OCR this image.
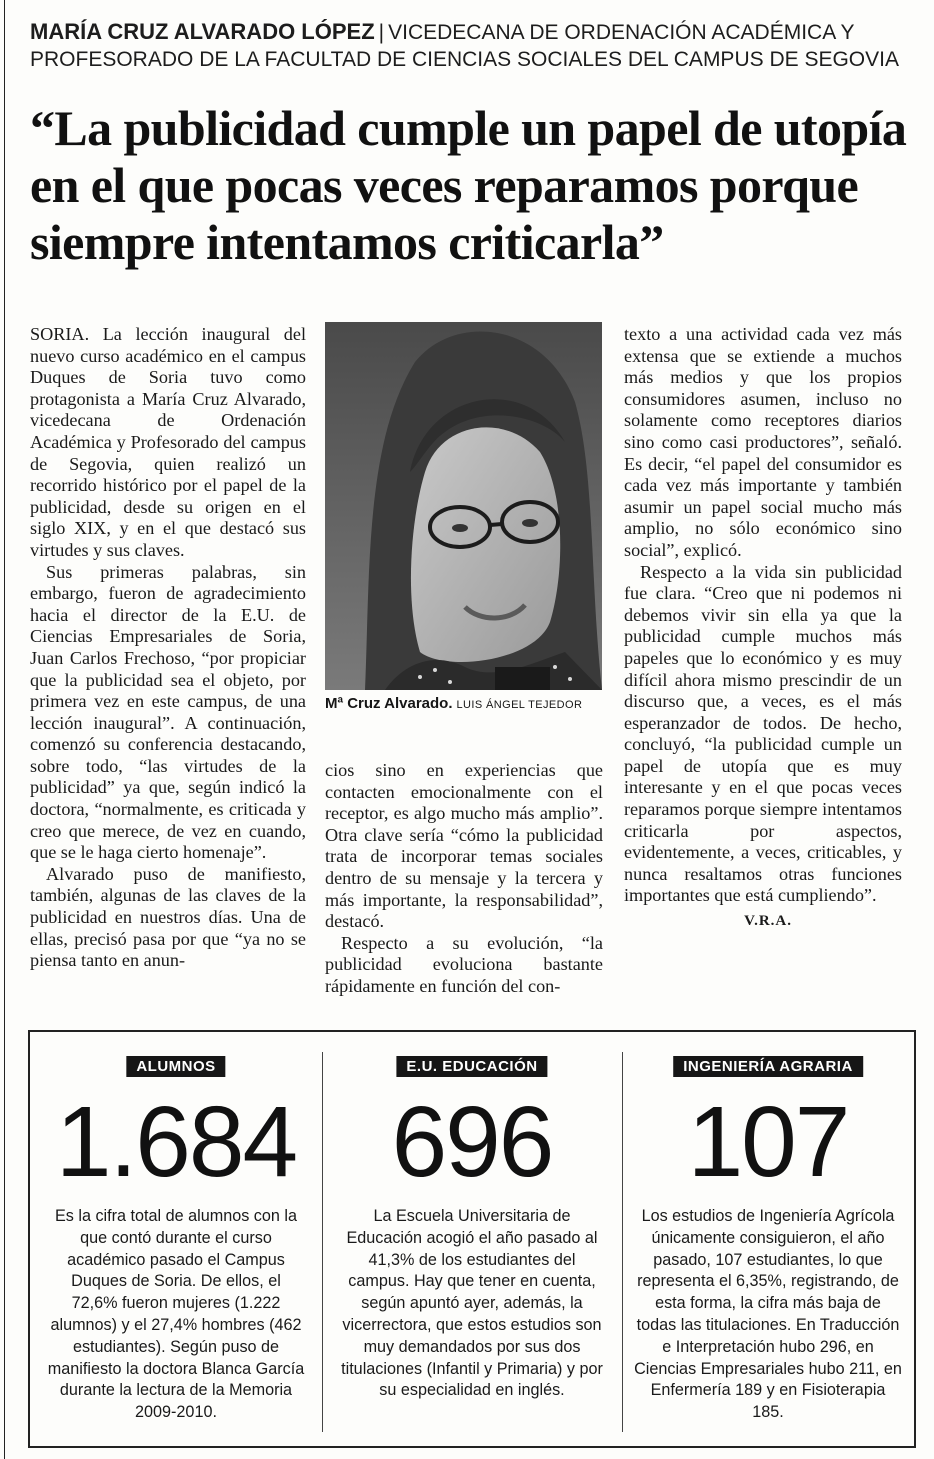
MARÍA CRUZ ALVARADO LÓPEZ | VICEDECANA DE ORDENACIÓN ACADÉMICA Y PROFESORADO DE LA FACULTAD DE CIENCIAS SOCIALES DEL CAMPUS DE SEGOVIA
“La publicidad cumple un papel de utopía en el que pocas veces reparamos porque siempre intentamos criticarla”

SORIA. La lección inaugural del nuevo curso académico en el campus Duques de Soria tuvo como protagonista a María Cruz Alvarado, vicedecana de Ordenación Académica y Profesorado del campus de Segovia, quien realizó un recorrido histórico por el papel de la publicidad, desde su origen en el siglo XIX, y en el que destacó sus virtudes y sus claves.

Sus primeras palabras, sin embargo, fueron de agradecimiento hacia el director de la E.U. de Ciencias Empresariales de Soria, Juan Carlos Frechoso, “por propiciar que la publicidad sea el objeto, por primera vez en este campus, de una lección inaugural”. A continuación, comenzó su conferencia destacando, sobre todo, “las virtudes de la publicidad” ya que, según indicó la doctora, “normalmente, es criticada y creo que merece, de vez en cuando, que se le haga cierto homenaje”.

Alvarado puso de manifiesto, también, algunas de las claves de la publicidad en nuestros días. Una de ellas, precisó pasa por que “ya no se piensa tanto en anun-

Mª Cruz Alvarado. LUIS ÁNGEL TEJEDOR

cios sino en experiencias que contacten emocionalmente con el receptor, es algo mucho más amplio”. Otra clave sería “cómo la publicidad trata de incorporar temas sociales dentro de su mensaje y la tercera y más importante, la responsabilidad”, destacó.

Respecto a su evolución, “la publicidad evoluciona bastante rápidamente en función del con-

texto a una actividad cada vez más extensa que se extiende a muchos más medios y que los propios consumidores asumen, incluso no solamente como receptores diarios sino como casi productores”, señaló. Es decir, “el papel del consumidor es cada vez más importante y también asumir un papel social mucho más amplio, no sólo económico sino social”, explicó.

Respecto a la vida sin publicidad fue clara. “Creo que ni podemos ni debemos vivir sin ella ya que la publicidad cumple muchos más papeles que lo económico y es muy difícil ahora mismo prescindir de un discurso que, a veces, es el más esperanzador de todos. De hecho, concluyó, “la publicidad cumple un papel de utopía que es muy interesante y en el que pocas veces reparamos porque siempre intentamos criticarla por aspectos, evidentemente, a veces, criticables, y nunca resaltamos otras funciones importantes que está cumpliendo”.

V.R.A.

ALUMNOS
1.684
Es la cifra total de alumnos con la que contó durante el curso académico pasado el Campus Duques de Soria. De ellos, el 72,6% fueron mujeres (1.222 alumnos) y el 27,4% hombres (462 estudiantes). Según puso de manifiesto la doctora Blanca García durante la lectura de la Memoria 2009-2010.
E.U. EDUCACIÓN
696
La Escuela Universitaria de Educación acogió el año pasado al 41,3% de los estudiantes del campus. Hay que tener en cuenta, según apuntó ayer, además, la vicerrectora, que estos estudios son muy demandados por sus dos titulaciones (Infantil y Primaria) y por su especialidad en inglés.
INGENIERÍA AGRARIA
107
Los estudios de Ingeniería Agrícola únicamente consiguieron, el año pasado, 107 estudiantes, lo que representa el 6,35%, registrando, de esta forma, la cifra más baja de todas las titulaciones. En Traducción e Interpretación hubo 296, en Ciencias Empresariales hubo 211, en Enfermería 189 y en Fisioterapia 185.
